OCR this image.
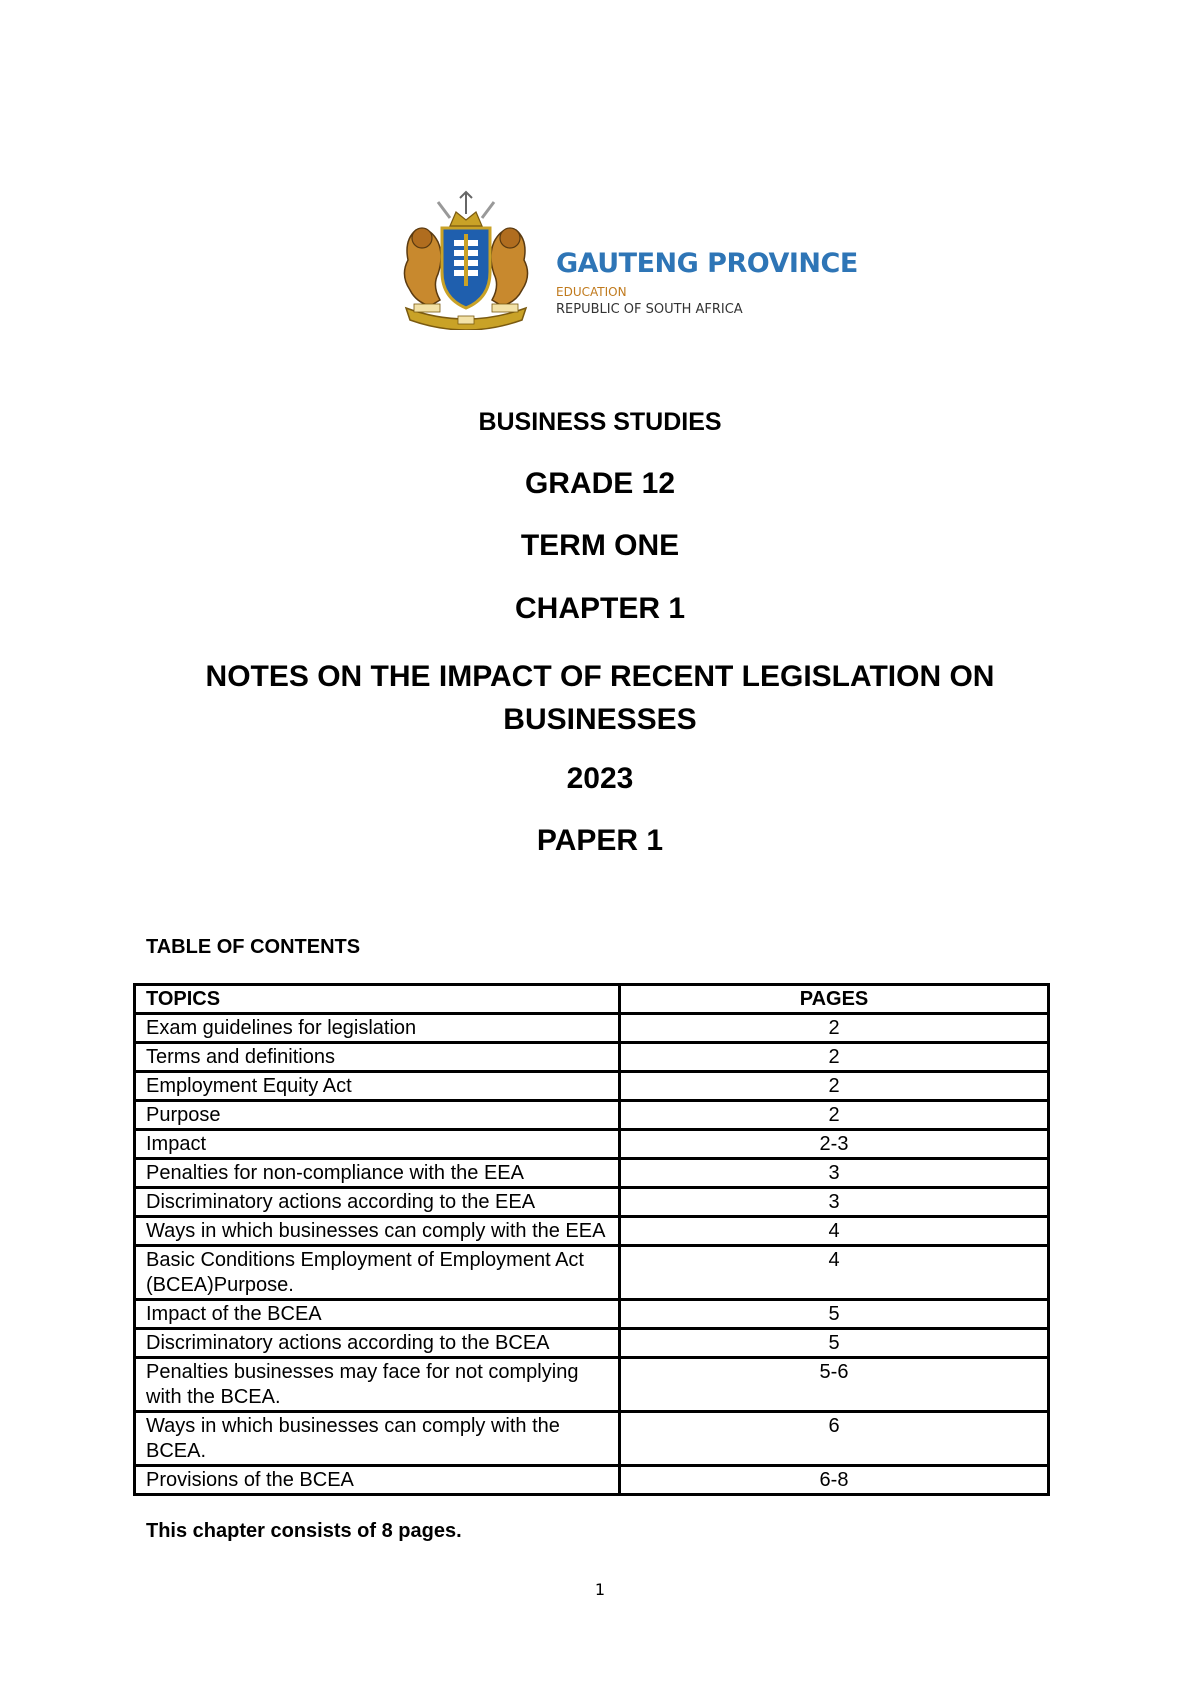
GAUTENG PROVINCE
EDUCATION
REPUBLIC OF SOUTH AFRICA
BUSINESS STUDIES
GRADE 12
TERM ONE
CHAPTER 1
NOTES ON THE IMPACT OF RECENT LEGISLATION ON BUSINESSES
2023
PAPER 1
TABLE OF CONTENTS
TOPICS	PAGES
Exam guidelines for legislation	2
Terms and definitions	2
Employment Equity Act	2
Purpose	2
Impact	2-3
Penalties for non-compliance with the EEA	3
Discriminatory actions according to the EEA	3
Ways in which businesses can comply with the EEA	4
Basic Conditions Employment of Employment Act (BCEA)Purpose.	4
Impact of the BCEA	5
Discriminatory actions according to the BCEA	5
Penalties businesses may face for not complying with the BCEA.	5-6
Ways in which businesses can comply with the BCEA.	6
Provisions of the BCEA	6-8
This chapter consists of 8 pages.
1
